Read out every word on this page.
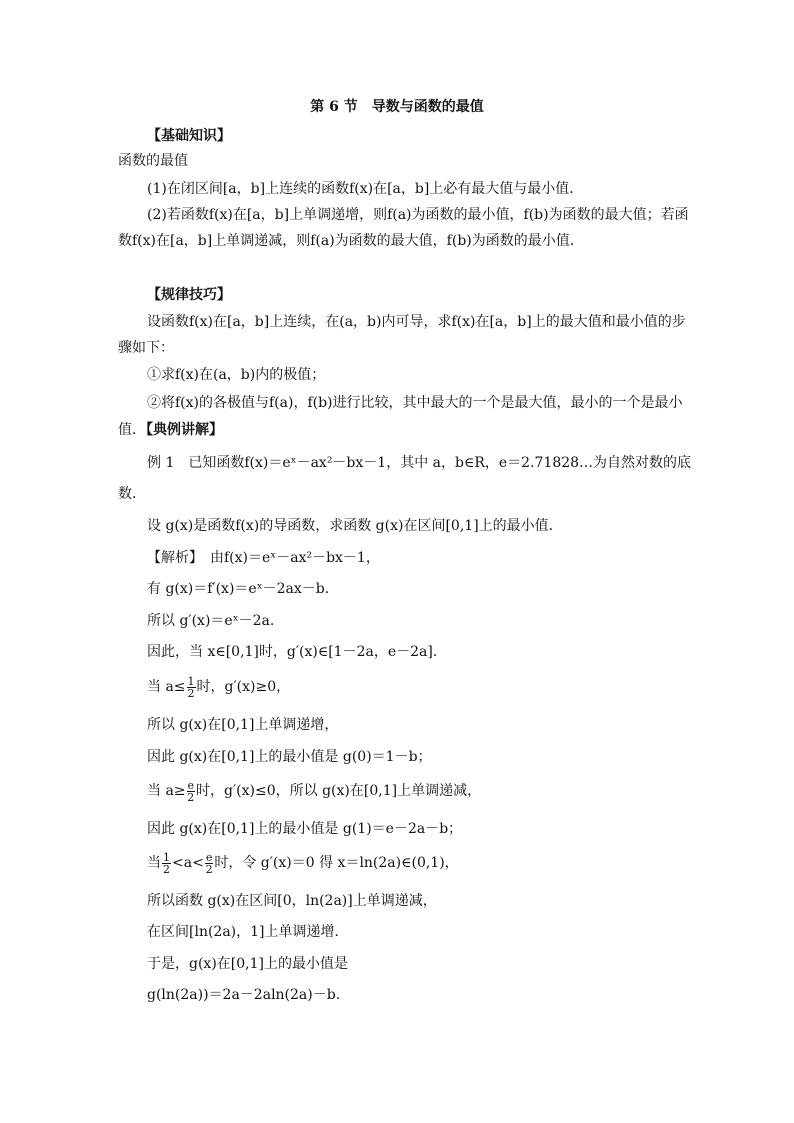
第 6 节　导数与函数的最值
【基础知识】
函数的最值
(1)在闭区间[a，b]上连续的函数f(x)在[a，b]上必有最大值与最小值．
(2)若函数f(x)在[a，b]上单调递增，则f(a)为函数的最小值，f(b)为函数的最大值；若函
数f(x)在[a，b]上单调递减，则f(a)为函数的最大值，f(b)为函数的最小值．
【规律技巧】
设函数f(x)在[a，b]上连续，在(a，b)内可导，求f(x)在[a，b]上的最大值和最小值的步
骤如下：
①求f(x)在(a，b)内的极值；
②将f(x)的各极值与f(a)，f(b)进行比较，其中最大的一个是最大值，最小的一个是最小
值．【典例讲解】
例 1　已知函数f(x)＝eˣ－ax²－bx－1，其中 a，b∈R，e＝2.71828…为自然对数的底
数．
设 g(x)是函数f(x)的导函数，求函数 g(x)在区间[0,1]上的最小值．
【解析】　由f(x)＝eˣ－ax²－bx－1，
有 g(x)＝f′(x)＝eˣ－2ax－b.
所以 g′(x)＝eˣ－2a.
因此，当 x∈[0,1]时，g′(x)∈[1－2a，e－2a]．
当 $a\le \frac{1}{2}$ 时，g′(x)≥0，
所以 g(x)在[0,1]上单调递增，
因此 g(x)在[0,1]上的最小值是 g(0)＝1－b；
当 $a\ge \frac{e}{2}$ 时，g′(x)≤0，所以 g(x)在[0,1]上单调递减，
因此 g(x)在[0,1]上的最小值是 g(1)＝e－2a－b；
当 $\frac{1}{2} <a< \frac{e}{2}$ 时，令 g′(x)＝0 得 x＝ln(2a)∈(0,1)，
所以函数 g(x)在区间[0，ln(2a)]上单调递减，
在区间[ln(2a)，1]上单调递增．
于是，g(x)在[0,1]上的最小值是
g(ln(2a))＝2a－2aln(2a)－b.
